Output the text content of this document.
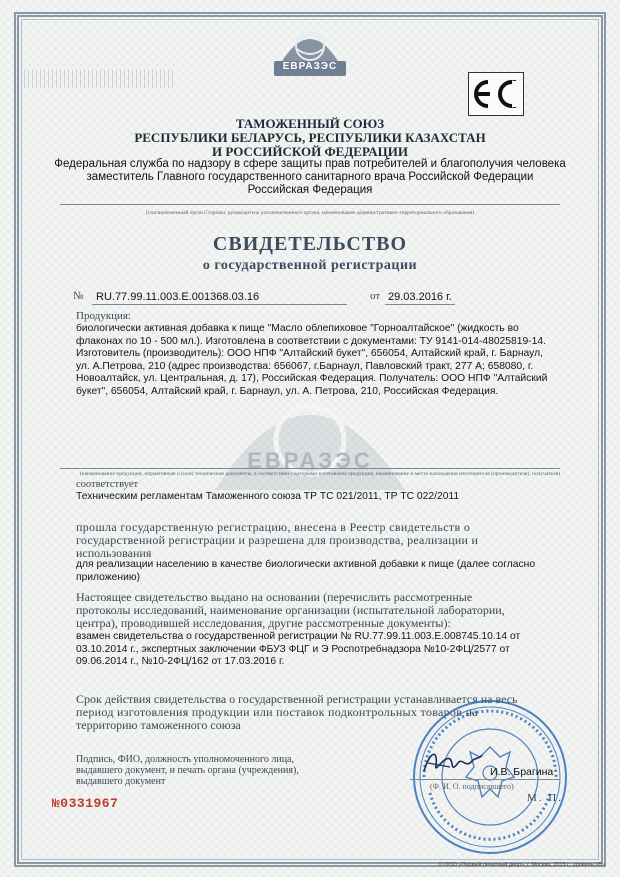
ЕВРАЗЭС
ТАМОЖЕННЫЙ СОЮЗ
РЕСПУБЛИКИ БЕЛАРУСЬ, РЕСПУБЛИКИ КАЗАХСТАН
И РОССИЙСКОЙ ФЕДЕРАЦИИ
Федеральная служба по надзору в сфере защиты прав потребителей и благополучия человека
заместитель Главного государственного санитарного врача Российской Федерации
Российская Федерация
(уполномоченный орган Стороны, руководитель уполномоченного органа, наименование административно-территориального образования)
СВИДЕТЕЛЬСТВО
о государственной регистрации
№ RU.77.99.11.003.E.001368.03.16	от 29.03.2016 г.
Продукция:
биологически активная добавка к пище "Масло облепиховое "Горноалтайское" (жидкость во
флаконах по 10 - 500 мл.). Изготовлена в соответствии с документами: ТУ 9141-014-48025819-14.
Изготовитель (производитель): ООО НПФ "Алтайский букет", 656054, Алтайский край, г. Барнаул,
ул. А.Петрова, 210 (адрес производства: 656067, г.Барнаул, Павловский тракт, 277 А; 658080, г.
Новоалтайск, ул. Центральная, д. 17), Российская Федерация. Получатель: ООО НПФ "Алтайский
букет", 656054, Алтайский край, г. Барнаул, ул. А. Петрова, 210, Российская Федерация.
ЕВРАЗЭС
(наименование продукции, нормативные и (или) технические документы, в соответствии с которыми изготовлена продукция, наименование и место нахождения изготовителя (производителя), получателя)
соответствует
Техническим регламентам Таможенного союза ТР ТС 021/2011, ТР ТС 022/2011
прошла государственную регистрацию, внесена в Реестр свидетельств о
государственной регистрации и разрешена для производства, реализации и
использования
для реализации населению в качестве биологически активной добавки к пище (далее согласно
приложению)
Настоящее свидетельство выдано на основании (перечислить рассмотренные
протоколы исследований, наименование организации (испытательной лаборатории,
центра), проводившей исследования, другие рассмотренные документы):
взамен свидетельства о государственной регистрации № RU.77.99.11.003.E.008745.10.14 от
03.10.2014 г., экспертных заключении ФБУЗ ФЦГ и Э Роспотребнадзора №10-2ФЦ/2577 от
09.06.2014 г., №10-2ФЦ/162 от 17.03.2016 г.
Срок действия свидетельства о государственной регистрации устанавливается на весь
период изготовления продукции или поставок подконтрольных товаров на
территорию таможенного союза
Подпись, ФИО, должность уполномоченного лица,
выдавшего документ, и печать органа (учреждения),
выдавшего документ
И.В. Брагина
(Ф. И. О. подписавшего)
М. П.
№0331967
© ООО «Первый печатный двор», г. Москва, 2015 г., уровень «В»
